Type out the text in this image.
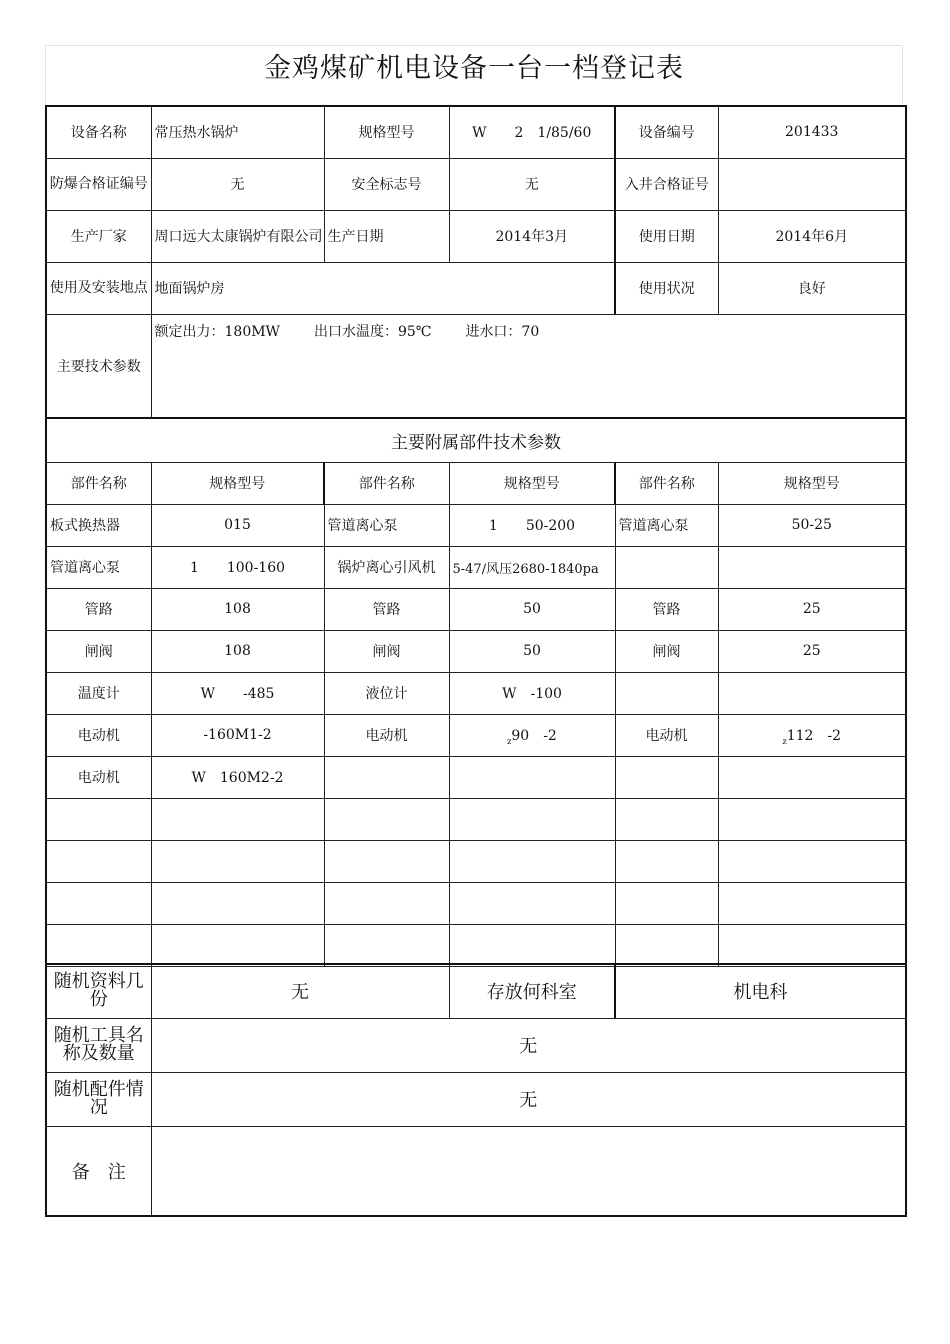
金鸡煤矿机电设备一台一档登记表
设备名称	常压热水锅炉	规格型号	W　　2　1/85/60	设备编号	201433
防爆合格证编号	无	安全标志号	无	入井合格证号	
生产厂家	周口远大太康锅炉有限公司	生产日期	2014年3月	使用日期	2014年6月
使用及安装地点	地面锅炉房			使用状况	良好
主要技术参数	额定出力：180MW 出口水温度：95℃ 进水口：70				
主要附属部件技术参数					
部件名称	规格型号	部件名称	规格型号	部件名称	规格型号
板式换热器	015	管道离心泵	1　　50-200	管道离心泵	50-25
管道离心泵	1　　100-160	锅炉离心引风机	5-47/风压2680-1840pa		
管路	108	管路	50	管路	25
闸阀	108	闸阀	50	闸阀	25
温度计	W　　-485	液位计	W　-100		
电动机	-160M1-2	电动机	$_z$90　-2	电动机	$_z$112　-2
电动机	W　160M2-2				

随机资料几份	无	存放何科室	机电科
随机工具名称及数量	无		
随机配件情况	无		
备　注			
